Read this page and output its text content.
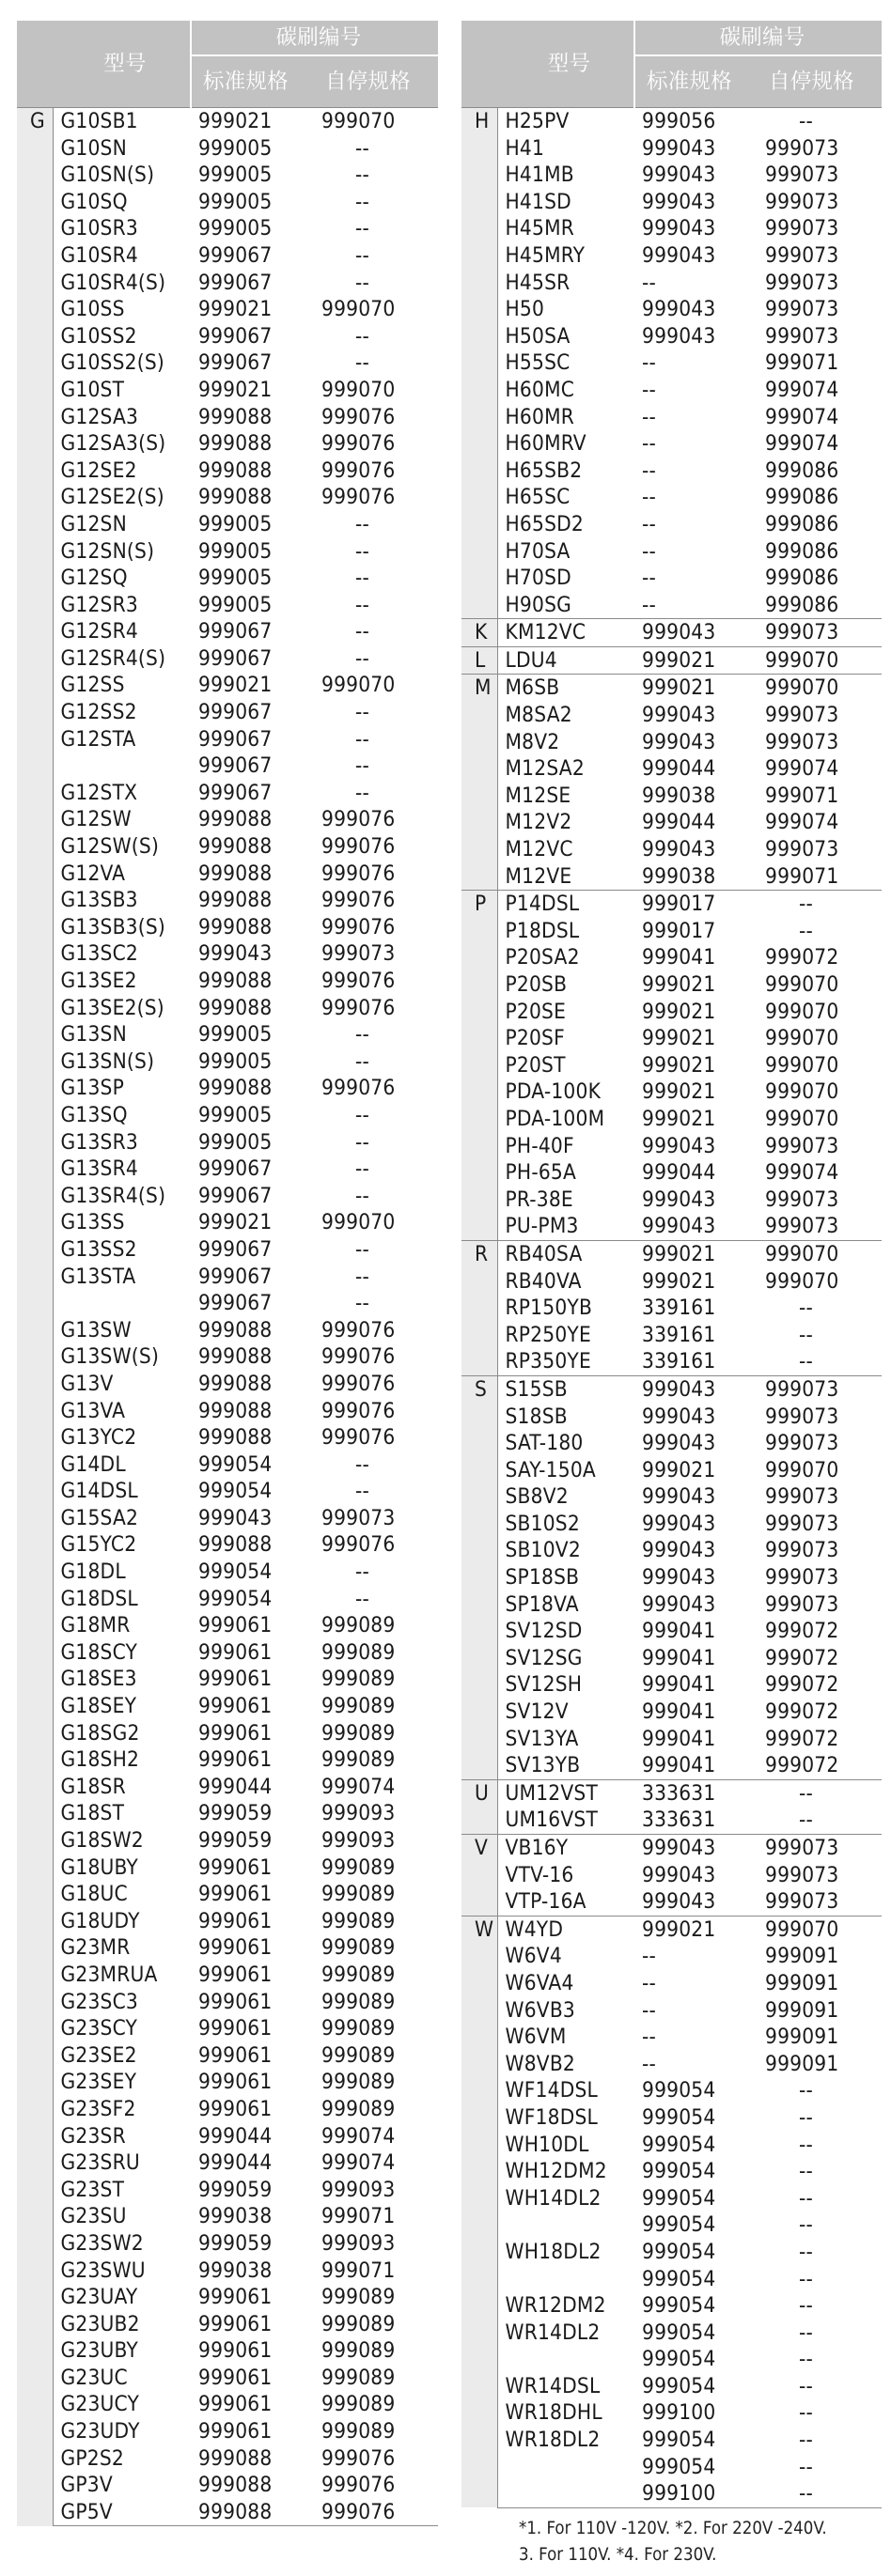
	型号	碳刷编号	
		标准规格	自停规格
G	G10SB1	999021	999070
	G10SN	999005	--
	G10SN(S)	999005	--
	G10SQ	999005	--
	G10SR3	999005	--
	G10SR4	999067	--
	G10SR4(S)	999067	--
	G10SS	999021	999070
	G10SS2	999067	--
	G10SS2(S)	999067	--
	G10ST	999021	999070
	G12SA3	999088	999076
	G12SA3(S)	999088	999076
	G12SE2	999088	999076
	G12SE2(S)	999088	999076
	G12SN	999005	--
	G12SN(S)	999005	--
	G12SQ	999005	--
	G12SR3	999005	--
	G12SR4	999067	--
	G12SR4(S)	999067	--
	G12SS	999021	999070
	G12SS2	999067	--
	G12STA	999067	--
		999067	--
	G12STX	999067	--
	G12SW	999088	999076
	G12SW(S)	999088	999076
	G12VA	999088	999076
	G13SB3	999088	999076
	G13SB3(S)	999088	999076
	G13SC2	999043	999073
	G13SE2	999088	999076
	G13SE2(S)	999088	999076
	G13SN	999005	--
	G13SN(S)	999005	--
	G13SP	999088	999076
	G13SQ	999005	--
	G13SR3	999005	--
	G13SR4	999067	--
	G13SR4(S)	999067	--
	G13SS	999021	999070
	G13SS2	999067	--
	G13STA	999067	--
		999067	--
	G13SW	999088	999076
	G13SW(S)	999088	999076
	G13V	999088	999076
	G13VA	999088	999076
	G13YC2	999088	999076
	G14DL	999054	--
	G14DSL	999054	--
	G15SA2	999043	999073
	G15YC2	999088	999076
	G18DL	999054	--
	G18DSL	999054	--
	G18MR	999061	999089
	G18SCY	999061	999089
	G18SE3	999061	999089
	G18SEY	999061	999089
	G18SG2	999061	999089
	G18SH2	999061	999089
	G18SR	999044	999074
	G18ST	999059	999093
	G18SW2	999059	999093
	G18UBY	999061	999089
	G18UC	999061	999089
	G18UDY	999061	999089
	G23MR	999061	999089
	G23MRUA	999061	999089
	G23SC3	999061	999089
	G23SCY	999061	999089
	G23SE2	999061	999089
	G23SEY	999061	999089
	G23SF2	999061	999089
	G23SR	999044	999074
	G23SRU	999044	999074
	G23ST	999059	999093
	G23SU	999038	999071
	G23SW2	999059	999093
	G23SWU	999038	999071
	G23UAY	999061	999089
	G23UB2	999061	999089
	G23UBY	999061	999089
	G23UC	999061	999089
	G23UCY	999061	999089
	G23UDY	999061	999089
	GP2S2	999088	999076
	GP3V	999088	999076
	GP5V	999088	999076
	型号	碳刷编号	
		标准规格	自停规格
H	H25PV	999056	--
	H41	999043	999073
	H41MB	999043	999073
	H41SD	999043	999073
	H45MR	999043	999073
	H45MRY	999043	999073
	H45SR	--	999073
	H50	999043	999073
	H50SA	999043	999073
	H55SC	--	999071
	H60MC	--	999074
	H60MR	--	999074
	H60MRV	--	999074
	H65SB2	--	999086
	H65SC	--	999086
	H65SD2	--	999086
	H70SA	--	999086
	H70SD	--	999086
	H90SG	--	999086
K	KM12VC	999043	999073
L	LDU4	999021	999070
M	M6SB	999021	999070
	M8SA2	999043	999073
	M8V2	999043	999073
	M12SA2	999044	999074
	M12SE	999038	999071
	M12V2	999044	999074
	M12VC	999043	999073
	M12VE	999038	999071
P	P14DSL	999017	--
	P18DSL	999017	--
	P20SA2	999041	999072
	P20SB	999021	999070
	P20SE	999021	999070
	P20SF	999021	999070
	P20ST	999021	999070
	PDA-100K	999021	999070
	PDA-100M	999021	999070
	PH-40F	999043	999073
	PH-65A	999044	999074
	PR-38E	999043	999073
	PU-PM3	999043	999073
R	RB40SA	999021	999070
	RB40VA	999021	999070
	RP150YB	339161	--
	RP250YE	339161	--
	RP350YE	339161	--
S	S15SB	999043	999073
	S18SB	999043	999073
	SAT-180	999043	999073
	SAY-150A	999021	999070
	SB8V2	999043	999073
	SB10S2	999043	999073
	SB10V2	999043	999073
	SP18SB	999043	999073
	SP18VA	999043	999073
	SV12SD	999041	999072
	SV12SG	999041	999072
	SV12SH	999041	999072
	SV12V	999041	999072
	SV13YA	999041	999072
	SV13YB	999041	999072
U	UM12VST	333631	--
	UM16VST	333631	--
V	VB16Y	999043	999073
	VTV-16	999043	999073
	VTP-16A	999043	999073
W	W4YD	999021	999070
	W6V4	--	999091
	W6VA4	--	999091
	W6VB3	--	999091
	W6VM	--	999091
	W8VB2	--	999091
	WF14DSL	999054	--
	WF18DSL	999054	--
	WH10DL	999054	--
	WH12DM2	999054	--
	WH14DL2	999054	--
		999054	--
	WH18DL2	999054	--
		999054	--
	WR12DM2	999054	--
	WR14DL2	999054	--
		999054	--
	WR14DSL	999054	--
	WR18DHL	999100	--
	WR18DL2	999054	--
		999054	--
		999100	--
*1. For 110V -120V. *2. For 220V -240V.
3. For 110V. *4. For 230V.
